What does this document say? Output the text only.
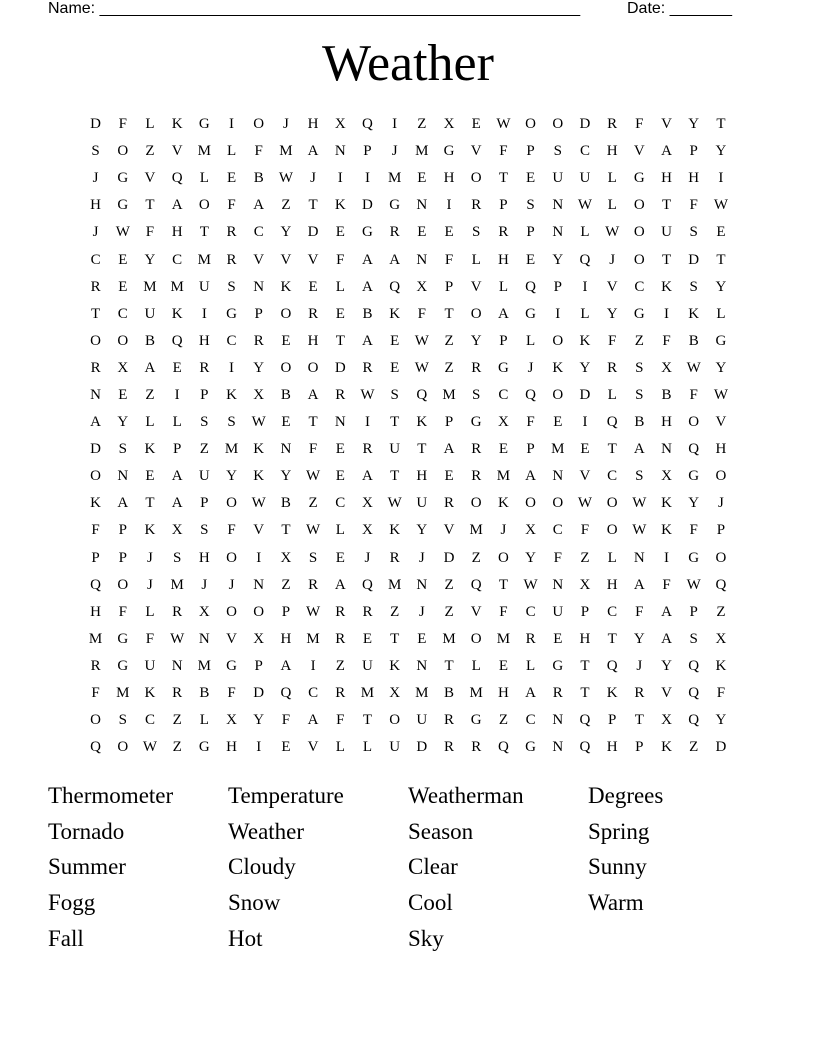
Name: ______________________________________________________	Date: _______
Weather
D	F	L	K	G	I	O	J	H	X	Q	I	Z	X	E	W O	O	D	R	F	V	Y	T
S	O	Z	V	M	L	F	M	A	N	P	J	M	G	V	F	P	S	C	H	V	A	P	Y
J	G	V	Q	L	E	B	W	J	I	I	M	E	H	O	T	E	U	U	L	G	H	H	I
H	G	T	A	O	F	A	Z	T	K	D	G	N	I	R	P	S	N W	L	O	T	F	W
J	W	F	H	T	R	C	Y	D	E	G	R	E	E	S	R	P	N	L	W O	U	S	E
C	E	Y	C	M	R	V	V	V	F	A	A	N	F	L	H	E	Y	Q	J	O	T	D	T
R	E	M M	U	S	N	K	E	L	A	Q	X	P	V	L	Q	P	I	V	C	K	S	Y
T	C	U	K	I	G	P	O	R	E	B	K	F	T	O	A	G	I	L	Y	G	I	K	L
O	O	B	Q	H	C	R	E	H	T	A	E	W	Z	Y	P	L	O	K	F	Z	F	B	G
R	X	A	E	R	I	Y	O	O	D	R	E	W	Z	R	G	J	K	Y	R	S	X W Y
N	E	Z	I	P	K	X	B	A	R	W	S	Q	M	S	C	Q	O	D	L	S	B	F	W
A	Y	L	L	S	S	W	E	T	N	I	T	K	P	G	X	F	E	I	Q	B	H	O	V
D	S	K	P	Z	M	K	N	F	E	R	U	T	A	R	E	P	M	E	T	A	N	Q	H
O	N	E	A	U	Y	K	Y W	E	A	T	H	E	R	M	A	N	V	C	S	X	G	O
K	A	T	A	P	O W	B	Z	C	X W U	R	O	K	O	O W O W K	Y	J
F	P	K	X	S	F	V	T	W	L	X	K	Y	V	M	J	X	C	F	O W K	F	P
P	P	J	S	H	O	I	X	S	E	J	R	J	D	Z	O	Y	F	Z	L	N	I	G	O
Q	O	J	M	J	J	N	Z	R	A	Q	M	N	Z	Q	T	W N	X	H	A	F	W Q
H	F	L	R	X	O	O	P	W	R	R	Z	J	Z	V	F	C	U	P	C	F	A	P	Z
M	G	F	W N	V	X	H	M	R	E	T	E	M	O	M	R	E	H	T	Y	A	S	X
R	G	U	N	M	G	P	A	I	Z	U	K	N	T	L	E	L	G	T	Q	J	Y	Q	K
F	M	K	R	B	F	D	Q	C	R	M	X	M	B	M	H	A	R	T	K	R	V	Q	F
O	S	C	Z	L	X	Y	F	A	F	T	O	U	R	G	Z	C	N	Q	P	T	X	Q	Y
Q	O W	Z	G	H	I	E	V	L	L	U	D	R	R	Q	G	N	Q	H	P	K	Z	D
Thermometer	Temperature	Weatherman	Degrees
Tornado	Weather	Season	Spring
Summer	Cloudy	Clear	Sunny
Fogg	Snow	Cool	Warm
Fall	Hot	Sky
